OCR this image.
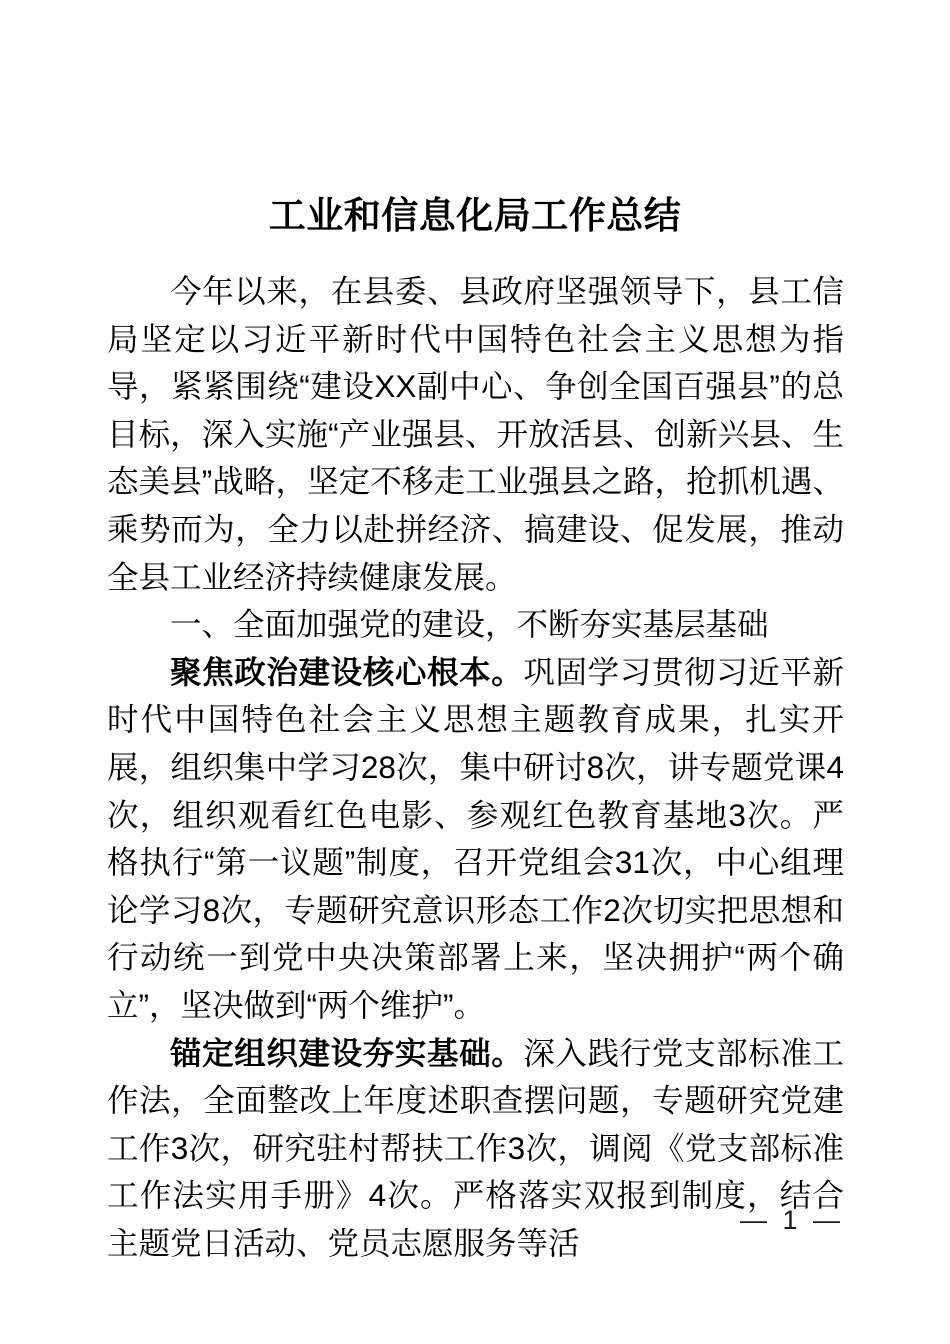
工业和信息化局工作总结

今年以来，在县委、县政府坚强领导下，县工信局坚定以习近平新时代中国特色社会主义思想为指导，紧紧围绕“建设XX副中心、争创全国百强县”的总目标，深入实施“产业强县、开放活县、创新兴县、生态美县”战略，坚定不移走工业强县之路，抢抓机遇、乘势而为，全力以赴拼经济、搞建设、促发展，推动全县工业经济持续健康发展。

一、全面加强党的建设，不断夯实基层基础

聚焦政治建设核心根本。巩固学习贯彻习近平新时代中国特色社会主义思想主题教育成果，扎实开展，组织集中学习28次，集中研讨8次，讲专题党课4次，组织观看红色电影、参观红色教育基地3次。严格执行“第一议题”制度，召开党组会31次，中心组理论学习8次，专题研究意识形态工作2次切实把思想和行动统一到党中央决策部署上来，坚决拥护“两个确立”，坚决做到“两个维护”。

锚定组织建设夯实基础。深入践行党支部标准工作法，全面整改上年度述职查摆问题，专题研究党建工作3次，研究驻村帮扶工作3次，调阅《党支部标准工作法实用手册》4次。严格落实双报到制度，结合主题党日活动、党员志愿服务等活

— 1 —
